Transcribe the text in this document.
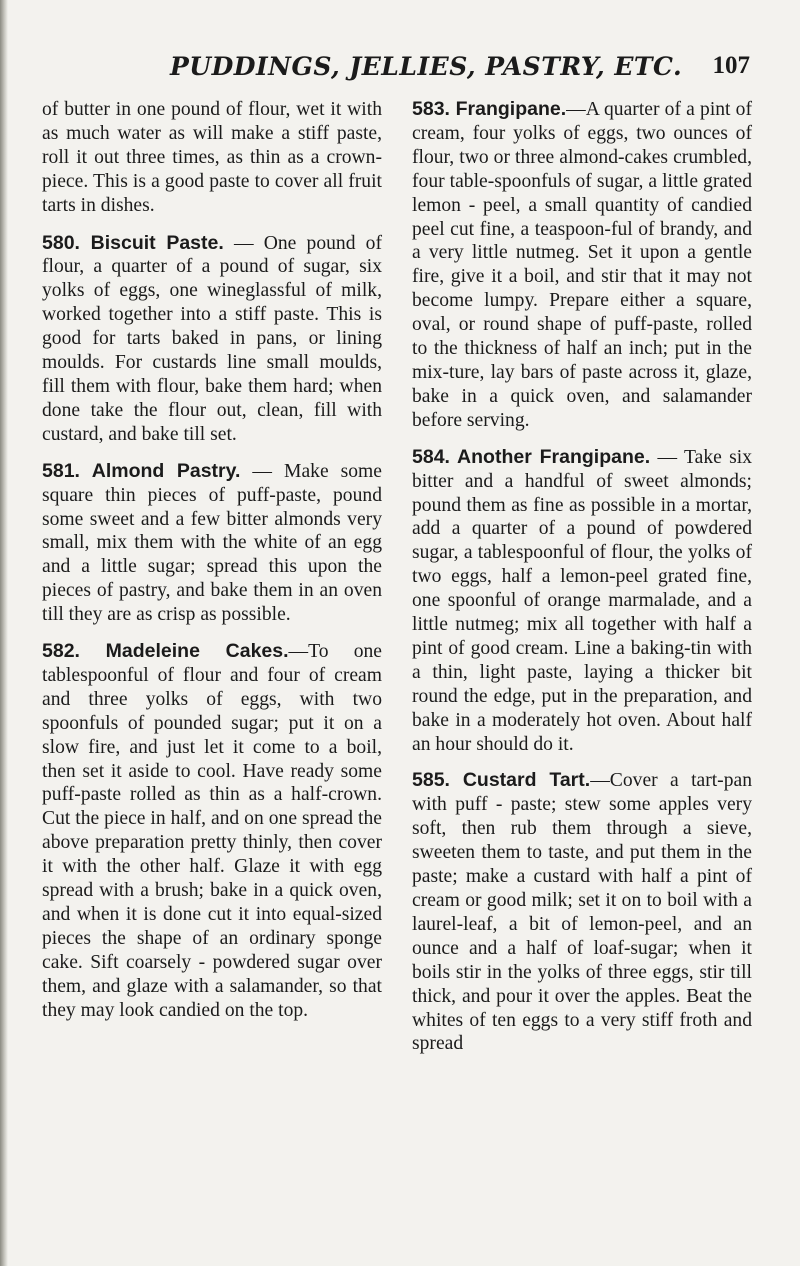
PUDDINGS, JELLIES, PASTRY, ETC. 107

of butter in one pound of flour, wet it with as much water as will make a stiff paste, roll it out three times, as thin as a crown-piece. This is a good paste to cover all fruit tarts in dishes.

580. Biscuit Paste. — One pound of flour, a quarter of a pound of sugar, six yolks of eggs, one wineglassful of milk, worked together into a stiff paste. This is good for tarts baked in pans, or lining moulds. For custards line small moulds, fill them with flour, bake them hard; when done take the flour out, clean, fill with custard, and bake till set.

581. Almond Pastry. — Make some square thin pieces of puff-paste, pound some sweet and a few bitter almonds very small, mix them with the white of an egg and a little sugar; spread this upon the pieces of pastry, and bake them in an oven till they are as crisp as possible.

582. Madeleine Cakes.—To one tablespoonful of flour and four of cream and three yolks of eggs, with two spoonfuls of pounded sugar; put it on a slow fire, and just let it come to a boil, then set it aside to cool. Have ready some puff-paste rolled as thin as a half-crown. Cut the piece in half, and on one spread the above preparation pretty thinly, then cover it with the other half. Glaze it with egg spread with a brush; bake in a quick oven, and when it is done cut it into equal-sized pieces the shape of an ordinary sponge cake. Sift coarsely - powdered sugar over them, and glaze with a salamander, so that they may look candied on the top.

583. Frangipane.—A quarter of a pint of cream, four yolks of eggs, two ounces of flour, two or three almond-cakes crumbled, four table-spoonfuls of sugar, a little grated lemon - peel, a small quantity of candied peel cut fine, a teaspoon-ful of brandy, and a very little nutmeg. Set it upon a gentle fire, give it a boil, and stir that it may not become lumpy. Prepare either a square, oval, or round shape of puff-paste, rolled to the thickness of half an inch; put in the mix-ture, lay bars of paste across it, glaze, bake in a quick oven, and salamander before serving.

584. Another Frangipane. — Take six bitter and a handful of sweet almonds; pound them as fine as possible in a mortar, add a quarter of a pound of powdered sugar, a tablespoonful of flour, the yolks of two eggs, half a lemon-peel grated fine, one spoonful of orange marmalade, and a little nutmeg; mix all together with half a pint of good cream. Line a baking-tin with a thin, light paste, laying a thicker bit round the edge, put in the preparation, and bake in a moderately hot oven. About half an hour should do it.

585. Custard Tart.—Cover a tart-pan with puff - paste; stew some apples very soft, then rub them through a sieve, sweeten them to taste, and put them in the paste; make a custard with half a pint of cream or good milk; set it on to boil with a laurel-leaf, a bit of lemon-peel, and an ounce and a half of loaf-sugar; when it boils stir in the yolks of three eggs, stir till thick, and pour it over the apples. Beat the whites of ten eggs to a very stiff froth and spread
